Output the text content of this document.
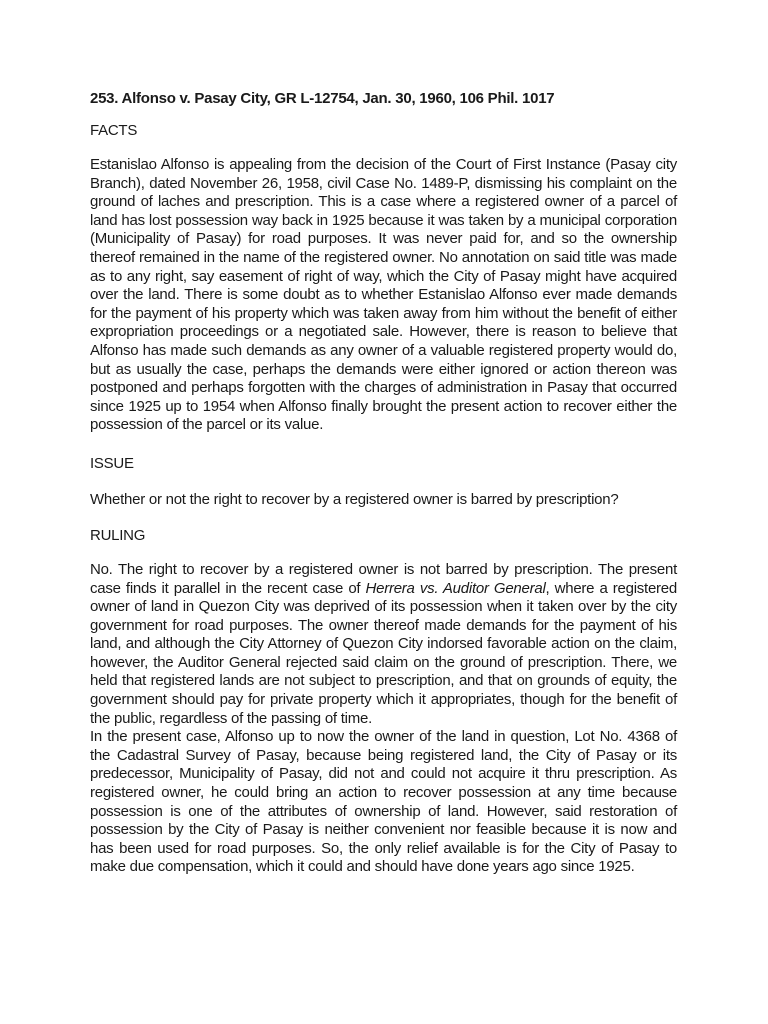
253. Alfonso v. Pasay City, GR L-12754, Jan. 30, 1960, 106 Phil. 1017
FACTS
Estanislao Alfonso is appealing from the decision of the Court of First Instance (Pasay city Branch), dated November 26, 1958, civil Case No. 1489-P, dismissing his complaint on the ground of laches and prescription. This is a case where a registered owner of a parcel of land has lost possession way back in 1925 because it was taken by a municipal corporation (Municipality of Pasay) for road purposes. It was never paid for, and so the ownership thereof remained in the name of the registered owner. No annotation on said title was made as to any right, say easement of right of way, which the City of Pasay might have acquired over the land. There is some doubt as to whether Estanislao Alfonso ever made demands for the payment of his property which was taken away from him without the benefit of either expropriation proceedings or a negotiated sale. However, there is reason to believe that Alfonso has made such demands as any owner of a valuable registered property would do, but as usually the case, perhaps the demands were either ignored or action thereon was postponed and perhaps forgotten with the charges of administration in Pasay that occurred since 1925 up to 1954 when Alfonso finally brought the present action to recover either the possession of the parcel or its value.
ISSUE
Whether or not the right to recover by a registered owner is barred by prescription?
RULING
No. The right to recover by a registered owner is not barred by prescription. The present case finds it parallel in the recent case of Herrera vs. Auditor General, where a registered owner of land in Quezon City was deprived of its possession when it taken over by the city government for road purposes. The owner thereof made demands for the payment of his land, and although the City Attorney of Quezon City indorsed favorable action on the claim, however, the Auditor General rejected said claim on the ground of prescription. There, we held that registered lands are not subject to prescription, and that on grounds of equity, the government should pay for private property which it appropriates, though for the benefit of the public, regardless of the passing of time.
In the present case, Alfonso up to now the owner of the land in question, Lot No. 4368 of the Cadastral Survey of Pasay, because being registered land, the City of Pasay or its predecessor, Municipality of Pasay, did not and could not acquire it thru prescription. As registered owner, he could bring an action to recover possession at any time because possession is one of the attributes of ownership of land. However, said restoration of possession by the City of Pasay is neither convenient nor feasible because it is now and has been used for road purposes. So, the only relief available is for the City of Pasay to make due compensation, which it could and should have done years ago since 1925.
